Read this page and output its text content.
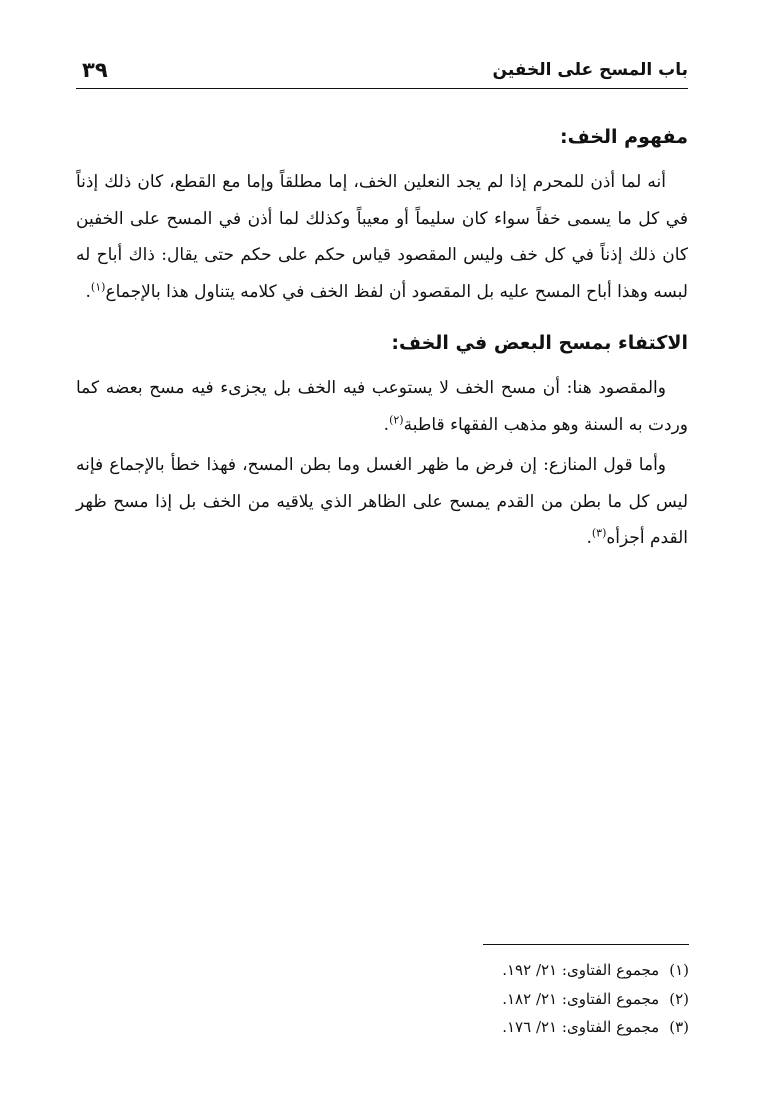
باب المسح على الخفين
٣٩
مفهوم الخف:

أنه لما أذن للمحرم إذا لم يجد النعلين الخف، إما مطلقاً وإما مع القطع، كان ذلك إذناً في كل ما يسمى خفاً سواء كان سليماً أو معيباً وكذلك لما أذن في المسح على الخفين كان ذلك إذناً في كل خف وليس المقصود قياس حكم على حكم حتى يقال: ذاك أباح له لبسه وهذا أباح المسح عليه بل المقصود أن لفظ الخف في كلامه يتناول هذا بالإجماع$^{(١)}$.

الاكتفاء بمسح البعض في الخف:

والمقصود هنا: أن مسح الخف لا يستوعب فيه الخف بل يجزىء فيه مسح بعضه كما وردت به السنة وهو مذهب الفقهاء قاطبة$^{(٢)}$.

وأما قول المنازع: إن فرض ما ظهر الغسل وما بطن المسح، فهذا خطأ بالإجماع فإنه ليس كل ما بطن من القدم يمسح على الظاهر الذي يلاقيه من الخف بل إذا مسح ظهر القدم أجزأه$^{(٣)}$.

(١)
مجموع الفتاوى: ٢١/ ١٩٢.
(٢)
مجموع الفتاوى: ٢١/ ١٨٢.
(٣)
مجموع الفتاوى: ٢١/ ١٧٦.
